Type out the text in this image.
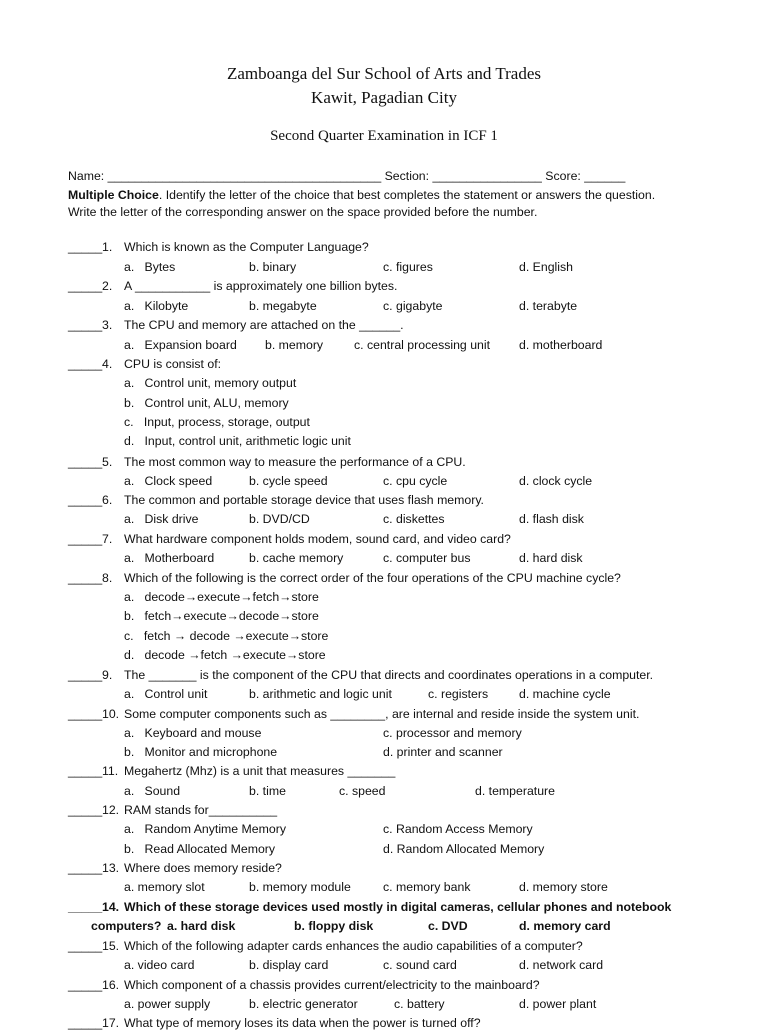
Zamboanga del Sur School of Arts and Trades
Kawit, Pagadian City
Second Quarter Examination in ICF 1
Name: ________________________________________ Section: ________________ Score: ______
Multiple Choice. Identify the letter of the choice that best completes the statement or answers the question.
Write the letter of the corresponding answer on the space provided before the number.
_____ 1. Which is known as the Computer Language?
a.   Bytes	b. binary	c. figures	d. English
_____ 2. A ___________ is approximately one billion bytes.
a.   Kilobyte	b. megabyte	c. gigabyte	d. terabyte
_____ 3. The CPU and memory are attached on the ______.
a.   Expansion board b. memory	c. central processing unit d. motherboard
_____ 4. CPU is consist of:
a.   Control unit, memory output
b.   Control unit, ALU, memory
c.   Input, process, storage, output
d.   Input, control unit, arithmetic logic unit
_____ 5. The most common way to measure the performance of a CPU.
a.   Clock speed	b. cycle speed	c. cpu cycle	d. clock cycle
_____ 6. The common and portable storage device that uses flash memory.
a.   Disk drive	b. DVD/CD	c. diskettes	d. flash disk
_____ 7. What hardware component holds modem, sound card, and video card?
a.   Motherboard	b. cache memory	c. computer bus	d. hard disk
_____ 8. Which of the following is the correct order of the four operations of the CPU machine cycle?
a.   decode→execute→fetch→store
b.   fetch→execute→decode→store
c.   fetch → decode →execute→store
d.   decode →fetch →execute→store
_____ 9. The _______ is the component of the CPU that directs and coordinates operations in a computer.
a.   Control unit	b. arithmetic and logic unit	c. registers	d. machine cycle
_____ 10. Some computer components such as ________, are internal and reside inside the system unit.
a.   Keyboard and mouse	c. processor and memory
b.   Monitor and microphone	d. printer and scanner
_____ 11. Megahertz (Mhz) is a unit that measures _______
a.   Sound	b. time	c. speed	d. temperature
_____ 12. RAM stands for__________
a.   Random Anytime Memory	c. Random Access Memory
b.   Read Allocated Memory	d. Random Allocated Memory
_____ 13. Where does memory reside?
a. memory slot	b. memory module	c. memory bank	d. memory store
_____ 14. Which of these storage devices used mostly in digital cameras, cellular phones and notebook
computers? a. hard disk	b. floppy disk	c. DVD	d. memory card
_____ 15. Which of the following adapter cards enhances the audio capabilities of a computer?
a. video card	b. display card	c. sound card	d. network card
_____ 16. Which component of a chassis provides current/electricity to the mainboard?
a. power supply	b. electric generator	c. battery	d. power plant
_____ 17. What type of memory loses its data when the power is turned off?
